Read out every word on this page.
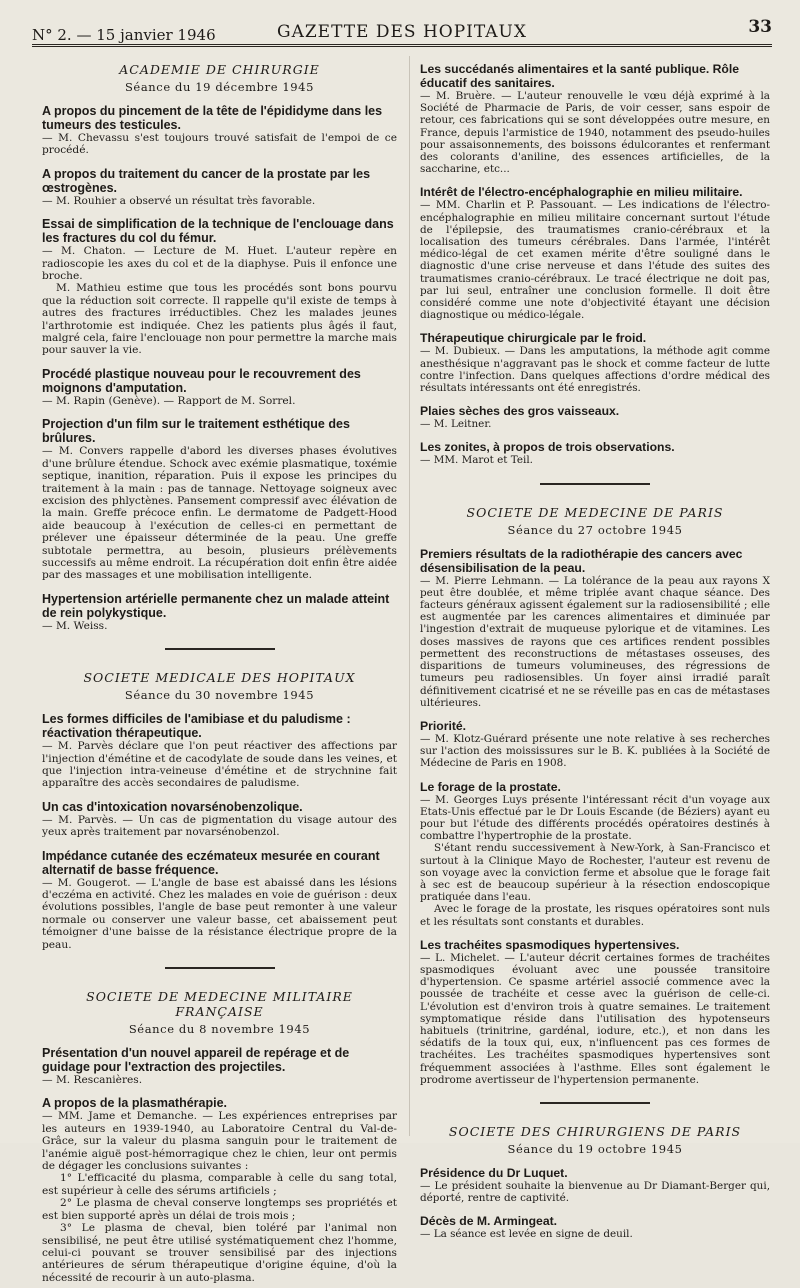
N° 2. — 15 janvier 1946	GAZETTE DES HOPITAUX	33
ACADEMIE DE CHIRURGIE
Séance du 19 décembre 1945
A propos du pincement de la tête de l'épididyme dans les tumeurs des testicules.

— M. Chevassu s'est toujours trouvé satisfait de l'empoi de ce procédé.

A propos du traitement du cancer de la prostate par les œstrogènes.

— M. Rouhier a observé un résultat très favorable.

Essai de simplification de la technique de l'enclouage dans les fractures du col du fémur.

— M. Chaton. — Lecture de M. Huet. L'auteur repère en radioscopie les axes du col et de la diaphyse. Puis il enfonce une broche.

M. Mathieu estime que tous les procédés sont bons pourvu que la réduction soit correcte. Il rappelle qu'il existe de temps à autres des fractures irréductibles. Chez les malades jeunes l'arthrotomie est indiquée. Chez les patients plus âgés il faut, malgré cela, faire l'enclouage non pour permettre la marche mais pour sauver la vie.

Procédé plastique nouveau pour le recouvrement des moignons d'amputation.

— M. Rapin (Genève). — Rapport de M. Sorrel.

Projection d'un film sur le traitement esthétique des brûlures.

— M. Convers rappelle d'abord les diverses phases évolutives d'une brûlure étendue. Schock avec exémie plasmatique, toxémie septique, inanition, réparation. Puis il expose les principes du traitement à la main : pas de tannage. Nettoyage soigneux avec excision des phlyctènes. Pansement compressif avec élévation de la main. Greffe précoce enfin. Le dermatome de Padgett-Hood aide beaucoup à l'exécution de celles-ci en permettant de prélever une épaisseur déterminée de la peau. Une greffe subtotale permettra, au besoin, plusieurs prélèvements successifs au même endroit. La récupération doit enfin être aidée par des massages et une mobilisation intelligente.

Hypertension artérielle permanente chez un malade atteint de rein polykystique.

— M. Weiss.

SOCIETE MEDICALE DES HOPITAUX
Séance du 30 novembre 1945
Les formes difficiles de l'amibiase et du paludisme : réactivation thérapeutique.

— M. Parvès déclare que l'on peut réactiver des affections par l'injection d'émétine et de cacodylate de soude dans les veines, et que l'injection intra-veineuse d'émétine et de strychnine fait apparaître des accès secondaires de paludisme.

Un cas d'intoxication novarsénobenzolique.

— M. Parvès. — Un cas de pigmentation du visage autour des yeux après traitement par novarsénobenzol.

Impédance cutanée des eczémateux mesurée en courant alternatif de basse fréquence.

— M. Gougerot. — L'angle de base est abaissé dans les lésions d'eczéma en activité. Chez les malades en voie de guérison : deux évolutions possibles, l'angle de base peut remonter à une valeur normale ou conserver une valeur basse, cet abaissement peut témoigner d'une baisse de la résistance électrique propre de la peau.

SOCIETE DE MEDECINE MILITAIRE FRANÇAISE
Séance du 8 novembre 1945
Présentation d'un nouvel appareil de repérage et de guidage pour l'extraction des projectiles.

— M. Rescanières.

A propos de la plasmathérapie.

— MM. Jame et Demanche. — Les expériences entreprises par les auteurs en 1939-1940, au Laboratoire Central du Val-de-Grâce, sur la valeur du plasma sanguin pour le traitement de l'anémie aiguë post-hémorragique chez le chien, leur ont permis de dégager les conclusions suivantes :

1° L'efficacité du plasma, comparable à celle du sang total, est supérieur à celle des sérums artificiels ;

2° Le plasma de cheval conserve longtemps ses propriétés et est bien supporté après un délai de trois mois ;

3° Le plasma de cheval, bien toléré par l'animal non sensibilisé, ne peut être utilisé systématiquement chez l'homme, celui-ci pouvant se trouver sensibilisé par des injections antérieures de sérum thérapeutique d'origine équine, d'où la nécessité de recourir à un auto-plasma.

Les succédanés alimentaires et la santé publique. Rôle éducatif des sanitaires.

— M. Bruère. — L'auteur renouvelle le vœu déjà exprimé à la Société de Pharmacie de Paris, de voir cesser, sans espoir de retour, ces fabrications qui se sont développées outre mesure, en France, depuis l'armistice de 1940, notamment des pseudo-huiles pour assaisonnements, des boissons édulcorantes et renfermant des colorants d'aniline, des essences artificielles, de la saccharine, etc...

Intérêt de l'électro-encéphalographie en milieu militaire.

— MM. Charlin et P. Passouant. — Les indications de l'électro-encéphalographie en milieu militaire concernant surtout l'étude de l'épilepsie, des traumatismes cranio-cérébraux et la localisation des tumeurs cérébrales. Dans l'armée, l'intérêt médico-légal de cet examen mérite d'être souligné dans le diagnostic d'une crise nerveuse et dans l'étude des suites des traumatismes cranio-cérébraux. Le tracé électrique ne doit pas, par lui seul, entraîner une conclusion formelle. Il doit être considéré comme une note d'objectivité étayant une décision diagnostique ou médico-légale.

Thérapeutique chirurgicale par le froid.

— M. Dubieux. — Dans les amputations, la méthode agit comme anesthésique n'aggravant pas le shock et comme facteur de lutte contre l'infection. Dans quelques affections d'ordre médical des résultats intéressants ont été enregistrés.

Plaies sèches des gros vaisseaux.

— M. Leitner.

Les zonites, à propos de trois observations.

— MM. Marot et Teil.

SOCIETE DE MEDECINE DE PARIS
Séance du 27 octobre 1945
Premiers résultats de la radiothérapie des cancers avec désensibilisation de la peau.

— M. Pierre Lehmann. — La tolérance de la peau aux rayons X peut être doublée, et même triplée avant chaque séance. Des facteurs généraux agissent également sur la radiosensibilité ; elle est augmentée par les carences alimentaires et diminuée par l'ingestion d'extrait de muqueuse pylorique et de vitamines. Les doses massives de rayons que ces artifices rendent possibles permettent des reconstructions de métastases osseuses, des disparitions de tumeurs volumineuses, des régressions de tumeurs peu radiosensibles. Un foyer ainsi irradié paraît définitivement cicatrisé et ne se réveille pas en cas de métastases ultérieures.

Priorité.

— M. Klotz-Guérard présente une note relative à ses recherches sur l'action des moississures sur le B. K. publiées à la Société de Médecine de Paris en 1908.

Le forage de la prostate.

— M. Georges Luys présente l'intéressant récit d'un voyage aux Etats-Unis effectué par le Dr Louis Escande (de Béziers) ayant eu pour but l'étude des différents procédés opératoires destinés à combattre l'hypertrophie de la prostate.

S'étant rendu successivement à New-York, à San-Francisco et surtout à la Clinique Mayo de Rochester, l'auteur est revenu de son voyage avec la conviction ferme et absolue que le forage fait à sec est de beaucoup supérieur à la résection endoscopique pratiquée dans l'eau.

Avec le forage de la prostate, les risques opératoires sont nuls et les résultats sont constants et durables.

Les trachéites spasmodiques hypertensives.

— L. Michelet. — L'auteur décrit certaines formes de trachéites spasmodiques évoluant avec une poussée transitoire d'hypertension. Ce spasme artériel associé commence avec la poussée de trachéite et cesse avec la guérison de celle-ci. L'évolution est d'environ trois à quatre semaines. Le traitement symptomatique réside dans l'utilisation des hypotenseurs habituels (trinitrine, gardénal, iodure, etc.), et non dans les sédatifs de la toux qui, eux, n'influencent pas ces formes de trachéites. Les trachéites spasmodiques hypertensives sont fréquemment associées à l'asthme. Elles sont également le prodrome avertisseur de l'hypertension permanente.

SOCIETE DES CHIRURGIENS DE PARIS
Séance du 19 octobre 1945
Présidence du Dr Luquet.

— Le président souhaite la bienvenue au Dr Diamant-Berger qui, déporté, rentre de captivité.

Décès de M. Armingeat.

— La séance est levée en signe de deuil.
